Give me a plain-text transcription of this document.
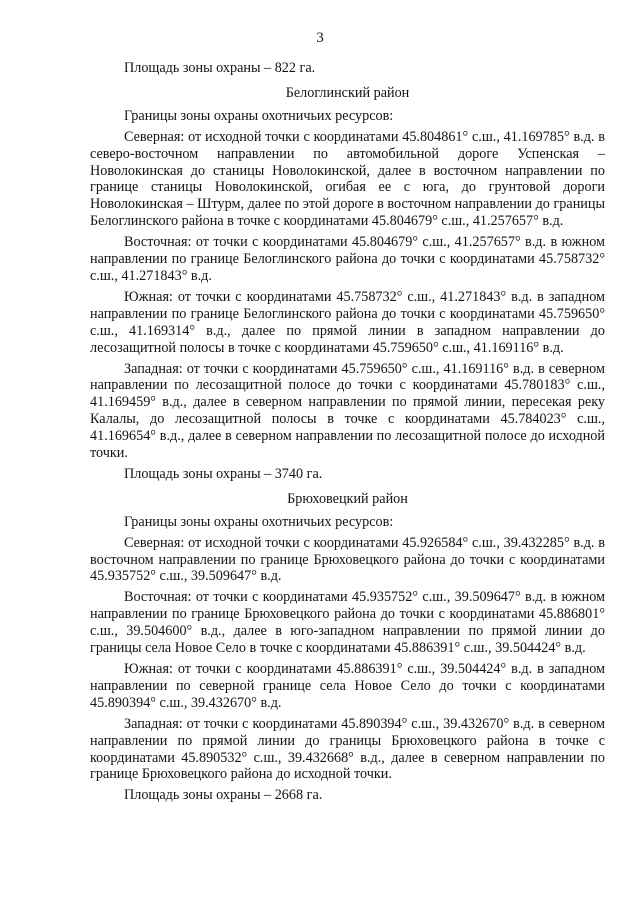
3

Площадь зоны охраны – 822 га.

Белоглинский район

Границы зоны охраны охотничьих ресурсов:

Северная: от исходной точки с координатами 45.804861° с.ш., 41.169785° в.д. в северо-восточном направлении по автомобильной дороге Успенская – Новолокинская до станицы Новолокинской, далее в восточном направлении по границе станицы Новолокинской, огибая ее с юга, до грунтовой дороги Новолокинская – Штурм, далее по этой дороге в восточном направлении до границы Белоглинского района в точке с координатами 45.804679° с.ш., 41.257657° в.д.

Восточная: от точки с координатами 45.804679° с.ш., 41.257657° в.д. в южном направлении по границе Белоглинского района до точки с координатами 45.758732° с.ш., 41.271843° в.д.

Южная: от точки с координатами 45.758732° с.ш., 41.271843° в.д. в западном направлении по границе Белоглинского района до точки с координатами 45.759650° с.ш., 41.169314° в.д., далее по прямой линии в западном направлении до лесозащитной полосы в точке с координатами 45.759650° с.ш., 41.169116° в.д.

Западная: от точки с координатами 45.759650° с.ш., 41.169116° в.д. в северном направлении по лесозащитной полосе до точки с координатами 45.780183° с.ш., 41.169459° в.д., далее в северном направлении по прямой линии, пересекая реку Калалы, до лесозащитной полосы в точке с координатами 45.784023° с.ш., 41.169654° в.д., далее в северном направлении по лесозащитной полосе до исходной точки.

Площадь зоны охраны – 3740 га.

Брюховецкий район

Границы зоны охраны охотничьих ресурсов:

Северная: от исходной точки с координатами 45.926584° с.ш., 39.432285° в.д. в восточном направлении по границе Брюховецкого района до точки с координатами 45.935752° с.ш., 39.509647° в.д.

Восточная: от точки с координатами 45.935752° с.ш., 39.509647° в.д. в южном направлении по границе Брюховецкого района до точки с координатами 45.886801° с.ш., 39.504600° в.д., далее в юго-западном направлении по прямой линии до границы села Новое Село в точке с координатами 45.886391° с.ш., 39.504424° в.д.

Южная: от точки с координатами 45.886391° с.ш., 39.504424° в.д. в западном направлении по северной границе села Новое Село до точки с координатами 45.890394° с.ш., 39.432670° в.д.

Западная: от точки с координатами 45.890394° с.ш., 39.432670° в.д. в северном направлении по прямой линии до границы Брюховецкого района в точке с координатами 45.890532° с.ш., 39.432668° в.д., далее в северном направлении по границе Брюховецкого района до исходной точки.

Площадь зоны охраны – 2668 га.
